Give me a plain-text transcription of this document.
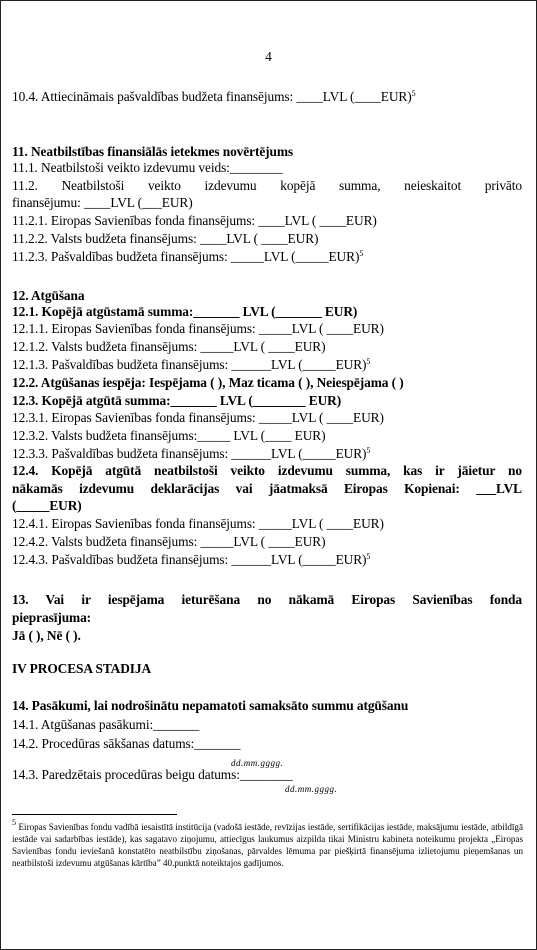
4
10.4. Attiecināmais pašvaldības budžeta finansējums: ____LVL (____EUR)$^5$
11. Neatbilstības finansiālās ietekmes novērtējums
11.1. Neatbilstoši veikto izdevumu veids:________
11.2. Neatbilstoši veikto izdevumu kopējā summa, neieskaitot privāto
finansējumu: ____LVL (___EUR)
11.2.1. Eiropas Savienības fonda finansējums: ____LVL ( ____EUR)
11.2.2. Valsts budžeta finansējums: ____LVL ( ____EUR)
11.2.3. Pašvaldības budžeta finansējums: _____LVL (_____EUR)$^5$
12. Atgūšana
12.1. Kopējā atgūstamā summa:_______ LVL (_______ EUR)
12.1.1. Eiropas Savienības fonda finansējums: _____LVL ( ____EUR)
12.1.2. Valsts budžeta finansējums: _____LVL ( ____EUR)
12.1.3. Pašvaldības budžeta finansējums: ______LVL (_____EUR)$^5$
12.2. Atgūšanas iespēja: Iespējama ( ), Maz ticama ( ), Neiespējama ( )
12.3. Kopējā atgūtā summa:_______ LVL (________ EUR)
12.3.1. Eiropas Savienības fonda finansējums: _____LVL ( ____EUR)
12.3.2. Valsts budžeta finansējums:_____ LVL (____ EUR)
12.3.3. Pašvaldības budžeta finansējums: ______LVL (_____EUR)$^5$
12.4. Kopējā atgūtā neatbilstoši veikto izdevumu summa, kas ir jāietur no
nākamās izdevumu deklarācijas vai jāatmaksā Eiropas Kopienai: ___LVL
(_____EUR)
12.4.1. Eiropas Savienības fonda finansējums: _____LVL ( ____EUR)
12.4.2. Valsts budžeta finansējums: _____LVL ( ____EUR)
12.4.3. Pašvaldības budžeta finansējums: ______LVL (_____EUR)$^5$
13. Vai ir iespējama ieturēšana no nākamā Eiropas Savienības fonda
pieprasījuma:
Jā ( ), Nē ( ).
IV PROCESA STADIJA
14. Pasākumi, lai nodrošinātu nepamatoti samaksāto summu atgūšanu
14.1. Atgūšanas pasākumi:_______
14.2. Procedūras sākšanas datums:_______
14.3. Paredzētais procedūras beigu datums:________
dd.mm.gggg.
dd.mm.gggg.
$^5$ Eiropas Savienības fondu vadībā iesaistītā institūcija (vadošā iestāde, revīzijas iestāde, sertifikācijas iestāde, maksājumu iestāde, atbildīgā iestāde vai sadarbības iestāde), kas sagatavo ziņojumu, attiecīgus laukumus aizpilda tikai Ministru kabineta noteikumu projekta „Eiropas Savienības fondu ieviešanā konstatēto neatbilstību ziņošanas, pārvaldes lēmuma par piešķirtā finansējuma izlietojumu pieņemšanas un neatbilstoši izdevumu atgūšanas kārtība” 40.punktā noteiktajos gadījumos.
